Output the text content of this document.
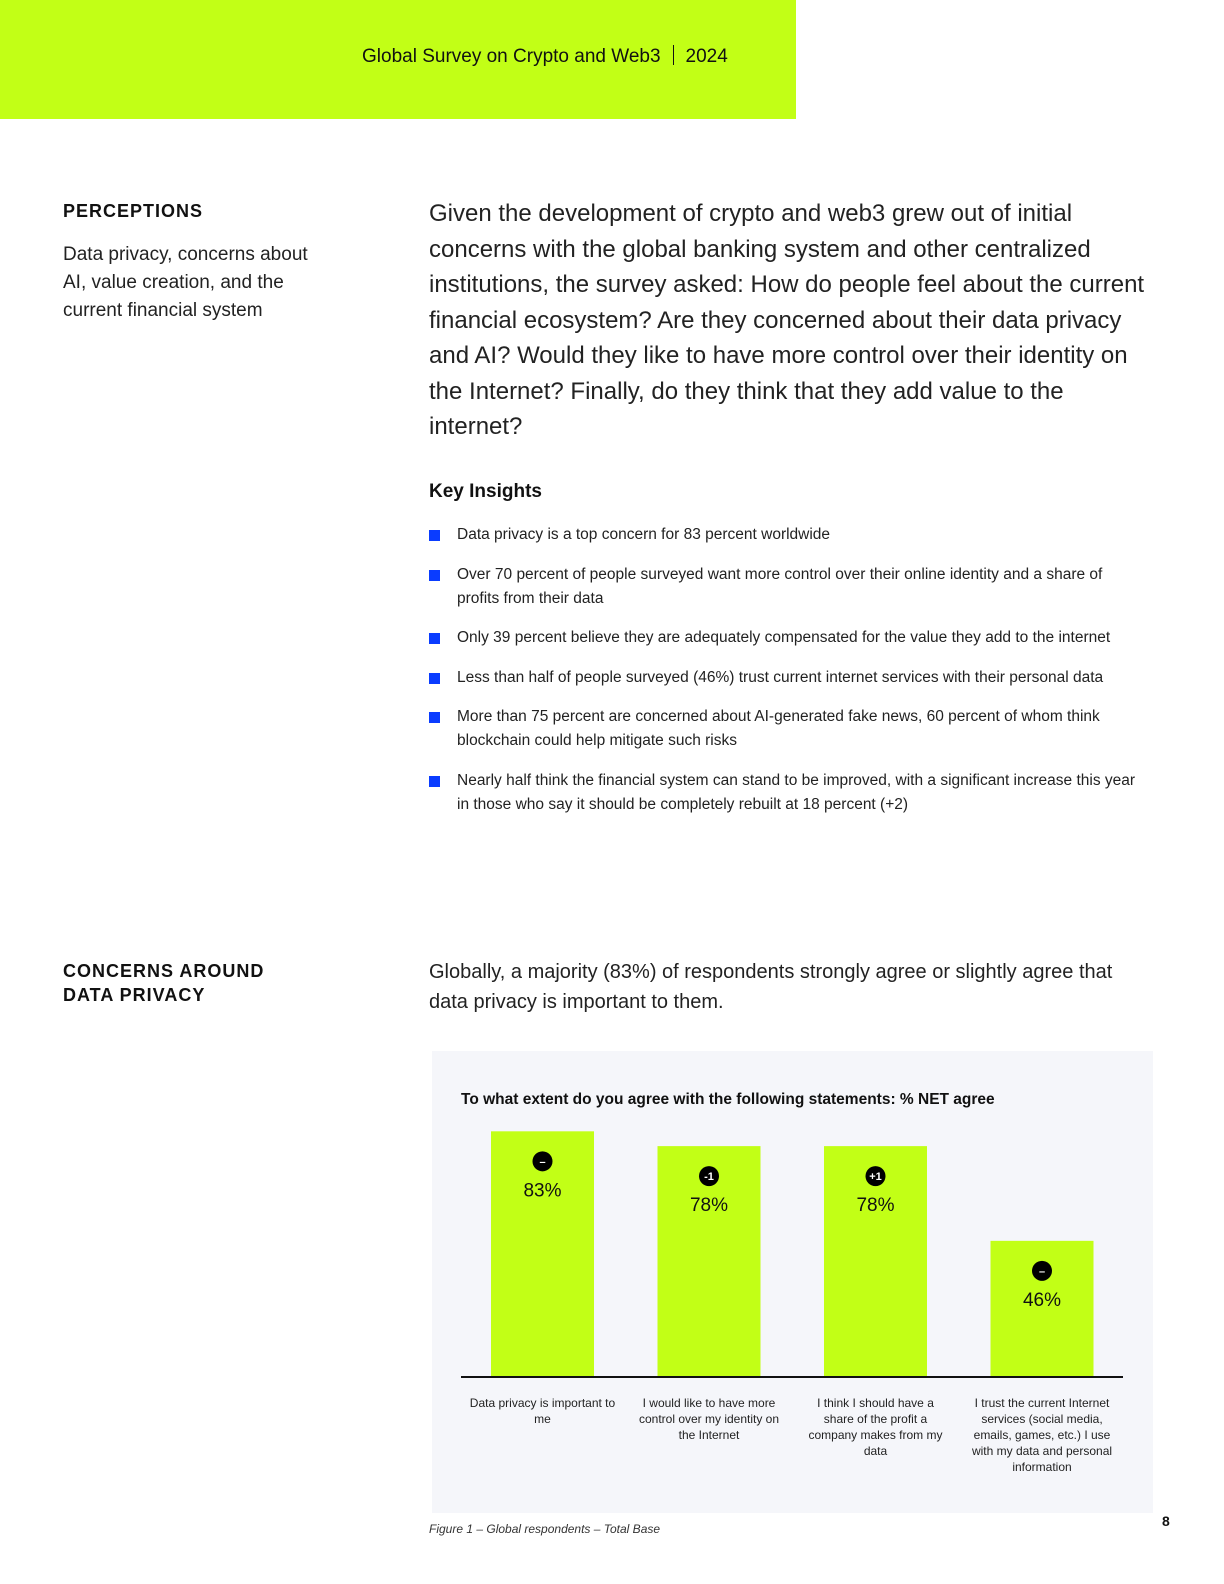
Global Survey on Crypto and Web3 2024
PERCEPTIONS
Data privacy, concerns about AI, value creation, and the current financial system
Given the development of crypto and web3 grew out of initial concerns with the global banking system and other centralized institutions, the survey asked: How do people feel about the current financial ecosystem? Are they concerned about their data privacy and AI? Would they like to have more control over their identity on the Internet? Finally, do they think that they add value to the internet?
Key Insights
Data privacy is a top concern for 83 percent worldwide
Over 70 percent of people surveyed want more control over their online identity and a share of profits from their data
Only 39 percent believe they are adequately compensated for the value they add to the internet
Less than half of people surveyed (46%) trust current internet services with their personal data
More than 75 percent are concerned about AI-generated fake news, 60 percent of whom think blockchain could help mitigate such risks
Nearly half think the financial system can stand to be improved, with a significant increase this year in those who say it should be completely rebuilt at 18 percent (+2)
CONCERNS AROUND
DATA PRIVACY
Globally, a majority (83%) of respondents strongly agree or slightly agree that data privacy is important to them.
To what extent do you agree with the following statements: % NET agree
–
83%
-1
78%
+1
78%
–
46%
Data privacy is important to me
I would like to have more control over my identity on the Internet
I think I should have a share of the profit a company makes from my data
I trust the current Internet services (social media, emails, games, etc.) I use with my data and personal information
Figure 1 – Global respondents – Total Base	8
